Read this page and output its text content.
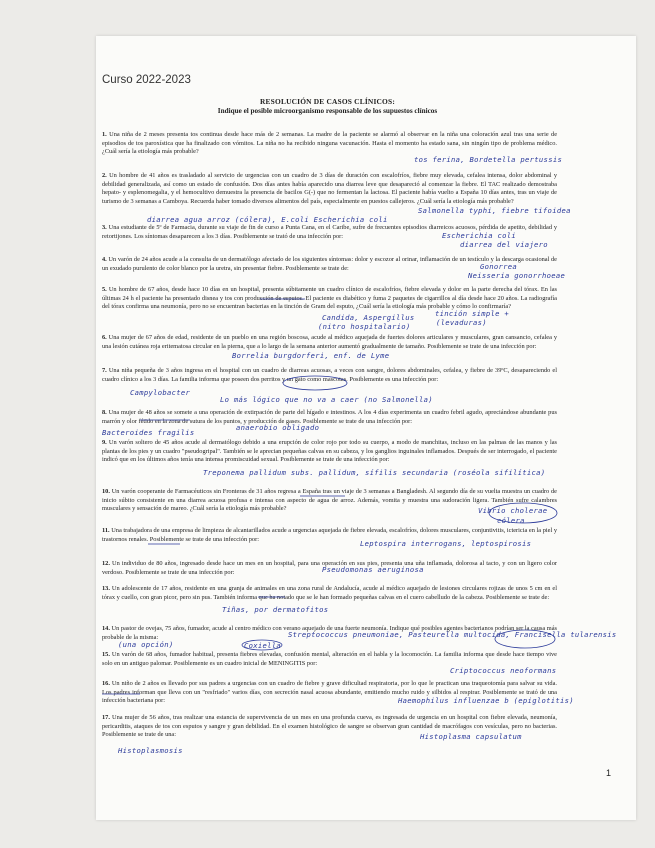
Curso 2022-2023
RESOLUCIÓN DE CASOS CLÍNICOS:
Indique el posible microorganismo responsable de los supuestos clínicos

1. Una niña de 2 meses presenta tos continua desde hace más de 2 semanas. La madre de la paciente se alarmó al observar en la niña una coloración azul tras una serie de episodios de tos paroxística que ha finalizado con vómitos. La niña no ha recibido ninguna vacunación. Hasta el momento ha estado sana, sin ningún tipo de problema médico. ¿Cuál sería la etiología más probable?

2. Un hombre de 41 años es trasladado al servicio de urgencias con un cuadro de 3 días de duración con escalofríos, fiebre muy elevada, cefalea intensa, dolor abdominal y debilidad generalizada, así como un estado de confusión. Dos días antes había aparecido una diarrea leve que desapareció al comenzar la fiebre. El TAC realizado demostraba hepato- y esplenomegalia, y el hemocultivo demuestra la presencia de bacilos G(-) que no fermentan la lactosa. El paciente había vuelto a España 10 días antes, tras un viaje de turismo de 3 semanas a Camboya. Recuerda haber tomado diversos alimentos del país, especialmente en puestos callejeros. ¿Cuál sería la etiología más probable?

3. Una estudiante de 5º de Farmacia, durante su viaje de fin de curso a Punta Cana, en el Caribe, sufre de frecuentes episodios diarreicos acuosos, pérdida de apetito, debilidad y retortijones. Los síntomas desaparecen a los 3 días. Posiblemente se trató de una infección por:

4. Un varón de 24 años acude a la consulta de un dermatólogo afectado de los siguientes síntomas: dolor y escozor al orinar, inflamación de un testículo y la descarga ocasional de un exudado purulento de color blanco por la uretra, sin presentar fiebre. Posiblemente se trate de:

5. Un hombre de 67 años, desde hace 10 días en un hospital, presenta súbitamente un cuadro clínico de escalofríos, fiebre elevada y dolor en la parte derecha del tórax. En las últimas 24 h el paciente ha presentado disnea y tos con producción de esputos. El paciente es diabético y fuma 2 paquetes de cigarrillos al día desde hace 20 años. La radiografía del tórax confirma una neumonía, pero no se encuentran bacterias en la tinción de Gram del esputo, ¿Cuál sería la etiología más probable y cómo lo confirmaría?

6. Una mujer de 67 años de edad, residente de un pueblo en una región boscosa, acude al médico aquejada de fuertes dolores articulares y musculares, gran cansancio, cefalea y una lesión cutánea roja eritematosa circular en la pierna, que a lo largo de la semana anterior aumentó gradualmente de tamaño. Posiblemente se trate de una infección por:

7. Una niña pequeña de 3 años ingresa en el hospital con un cuadro de diarreas acuosas, a veces con sangre, dolores abdominales, cefalea, y fiebre de 39ºC, desapareciendo el cuadro clínico a los 3 días. La familia informa que poseen dos perritos y un gato como mascotas. Posiblemente es una infección por:

8. Una mujer de 48 años se somete a una operación de extirpación de parte del hígado e intestinos. A los 4 días experimenta un cuadro febril agudo, apreciándose abundante pus marrón y olor fétido en la zona de sutura de los puntos, y producción de gases. Posiblemente se trate de una infección por:

9. Un varón soltero de 45 años acude al dermatólogo debido a una erupción de color rojo por todo su cuerpo, a modo de manchitas, incluso en las palmas de las manos y las plantas de los pies y un cuadro "pseudogripal". También se le aprecian pequeñas calvas en su cabeza, y los ganglios inguinales inflamados. Después de ser interrogado, el paciente indicó que en los últimos años tenía una intensa promiscuidad sexual. Posiblemente se trate de una infección por:

10. Un varón cooperante de Farmacéuticos sin Fronteras de 31 años regresa a España tras un viaje de 3 semanas a Bangladesh. Al segundo día de su vuelta muestra un cuadro de inicio súbito consistente en una diarrea acuosa profusa e intensa con aspecto de agua de arroz. Además, vomita y muestra una sudoración ligera. También sufre calambres musculares y sensación de mareo. ¿Cuál sería la etiología más probable?

11. Una trabajadora de una empresa de limpieza de alcantarillados acude a urgencias aquejada de fiebre elevada, escalofríos, dolores musculares, conjuntivitis, ictericia en la piel y trastornos renales. Posiblemente se trate de una infección por:

12. Un individuo de 80 años, ingresado desde hace un mes en un hospital, para una operación en sus pies, presenta una uña inflamada, dolorosa al tacto, y con un ligero color verdoso. Posiblemente se trate de una infección por:

13. Un adolescente de 17 años, residente en una granja de animales en una zona rural de Andalucía, acude al médico aquejado de lesiones circulares rojizas de unos 5 cm en el tórax y cuello, con gran picor, pero sin pus. También informa que ha notado que se le han formado pequeñas calvas en el cuero cabelludo de la cabeza. Posiblemente se trate de:

14. Un pastor de ovejas, 75 años, fumador, acude al centro médico con verano aquejado de una fuerte neumonía. Indique qué posibles agentes bacterianos podrían ser la causa más probable de la misma:

15. Un varón de 68 años, fumador habitual, presenta fiebres elevadas, confusión mental, alteración en el habla y la locomoción. La familia informa que desde hace tiempo vive solo en un antiguo palomar. Posiblemente es un cuadro inicial de MENINGITIS por:

16. Un niño de 2 años es llevado por sus padres a urgencias con un cuadro de fiebre y grave dificultad respiratoria, por lo que le practican una traqueotomía para salvar su vida. Los padres informan que lleva con un "resfriado" varios días, con secreción nasal acuosa abundante, emitiendo mucho ruido y silbidos al respirar. Posiblemente se trató de una infección bacteriana por:

17. Una mujer de 56 años, tras realizar una estancia de supervivencia de un mes en una profunda cueva, es ingresada de urgencia en un hospital con fiebre elevada, neumonía, pericarditis, ataques de tos con esputos y sangre y gran debilidad. En el examen histológico de sangre se observan gran cantidad de macrófagos con vesículas, pero no bacterias. Posiblemente se trate de una:

tos ferina, Bordetella pertussis
Salmonella typhi, fiebre tifoidea
diarrea agua arroz (cólera), E.coli Escherichia coli
Escherichia coli
diarrea del viajero
Gonorrea
Neisseria gonorrhoeae
Candida, Aspergillus
(nitro hospitalario)
tinción simple +
(levaduras)
Borrelia burgdorferi, enf. de Lyme
Campylobacter
Lo más lógico que no va a caer (no Salmonella)
Bacteroides fragilis
anaerobio obligado
Treponema pallidum subs. pallidum, sífilis secundaria (roséola sifilítica)
Vibrio cholerae
cólera
Leptospira interrogans, leptospirosis
Pseudomonas aeruginosa
Tiñas, por dermatofitos
Streptococcus pneumoniae, Pasteurella multocida, Francisella tularensis
(una opción)	Coxiella
Criptococcus neoformans
Haemophilus influenzae b (epiglotitis)
Histoplasma capsulatum
Histoplasmosis
1
